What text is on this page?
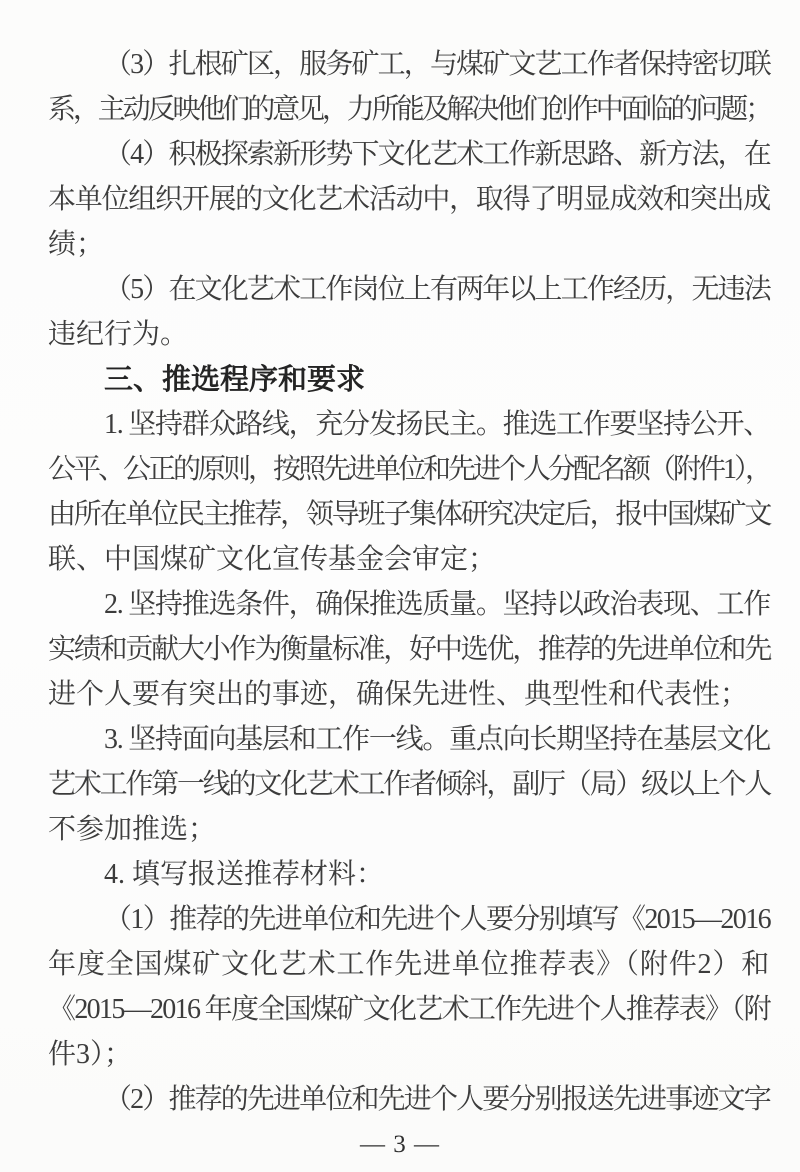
（3）扎根矿区，服务矿工，与煤矿文艺工作者保持密切联
系，主动反映他们的意见，力所能及解决他们创作中面临的问题；
（4）积极探索新形势下文化艺术工作新思路、新方法，在
本单位组织开展的文化艺术活动中，取得了明显成效和突出成
绩；
（5）在文化艺术工作岗位上有两年以上工作经历，无违法
违纪行为。
三、推选程序和要求
1. 坚持群众路线，充分发扬民主。推选工作要坚持公开、
公平、公正的原则，按照先进单位和先进个人分配名额（附件1），
由所在单位民主推荐，领导班子集体研究决定后，报中国煤矿文
联、中国煤矿文化宣传基金会审定；
2. 坚持推选条件，确保推选质量。坚持以政治表现、工作
实绩和贡献大小作为衡量标准，好中选优，推荐的先进单位和先
进个人要有突出的事迹，确保先进性、典型性和代表性；
3. 坚持面向基层和工作一线。重点向长期坚持在基层文化
艺术工作第一线的文化艺术工作者倾斜，副厅（局）级以上个人
不参加推选；
4. 填写报送推荐材料：
（1）推荐的先进单位和先进个人要分别填写《2015—2016
年度全国煤矿文化艺术工作先进单位推荐表》（附件2）和
《2015—2016 年度全国煤矿文化艺术工作先进个人推荐表》（附
件3）；
（2）推荐的先进单位和先进个人要分别报送先进事迹文字
— 3 —
